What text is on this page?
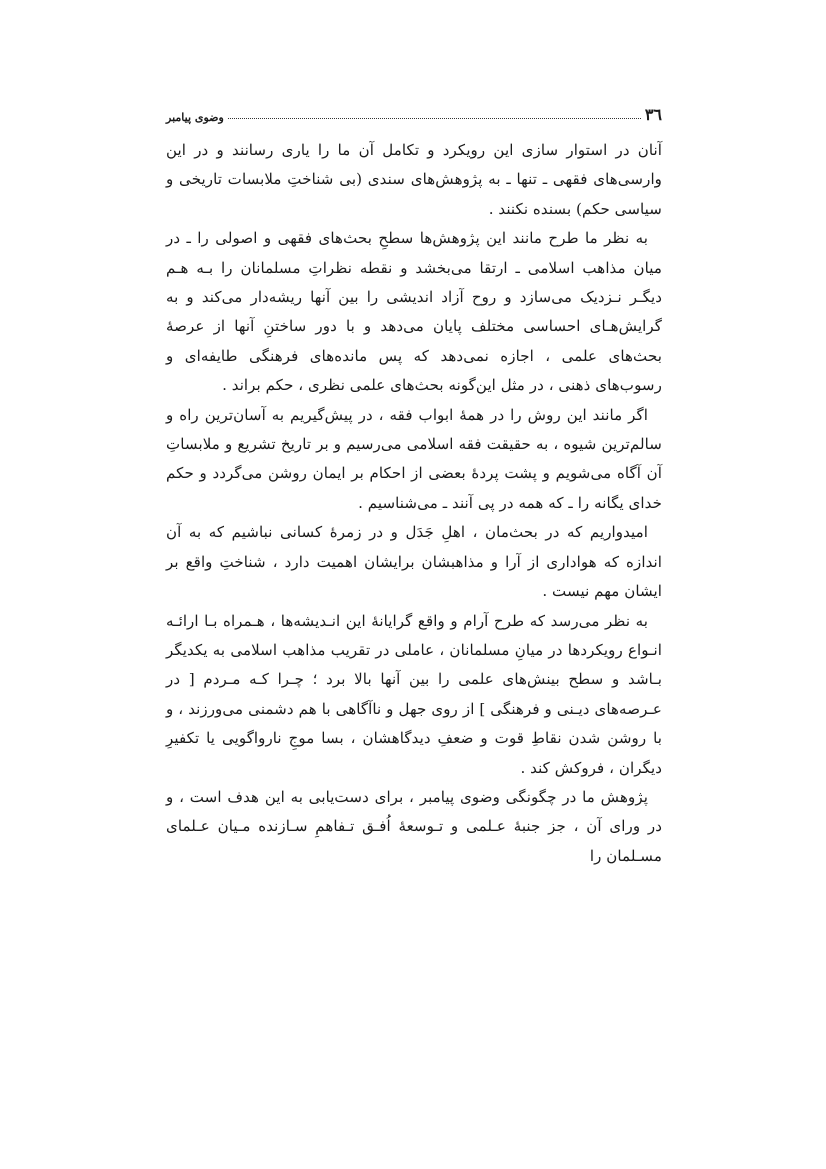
٣٦
وضوی پیامبر

آنان در استوار سازی این رویکرد و تکامل آن ما را یاری رسانند و در این وارسی‌های فقهی ـ تنها ـ به پژوهش‌های سندی (بی شناختِ ملابسات تاریخی و سیاسی حکم) بسنده نکنند .

به نظر ما طرح مانند این پژوهش‌ها سطحِ بحث‌های فقهی و اصولی را ـ در میان مذاهب اسلامی ـ ارتقا می‌بخشد و نقطه نظراتِ مسلمانان را بـه هـم دیگـر نـزدیک می‌سازد و روح آزاد اندیشی را بین آنها ریشه‌دار می‌کند و به گرایش‌هـای احساسی مختلف پایان می‌دهد و با دور ساختنِ آنها از عرصهٔ بحث‌های علمی ، اجازه نمی‌دهد که پس مانده‌های فرهنگی طایفه‌ای و رسوب‌های ذهنی ، در مثل این‌گونه بحث‌های علمی نظری ، حکم براند .

اگر مانند این روش را در همهٔ ابواب فقه ، در پیش‌گیریم به آسان‌ترین راه و سالم‌ترین شیوه ، به حقیقت فقه اسلامی می‌رسیم و بر تاریخ تشریع و ملابساتِ آن آگاه می‌شویم و پشت پردهٔ بعضی از احکام بر ایمان روشن می‌گردد و حکم خدای یگانه را ـ که همه در پی آنند ـ می‌شناسیم .

امیدواریم که در بحث‌مان ، اهلِ جَدَل و در زمرهٔ کسانی نباشیم که به آن اندازه که هواداری از آرا و مذاهبشان برایشان اهمیت دارد ، شناختِ واقع بر ایشان مهم نیست .

به نظر می‌رسد که طرح آرام و واقع گرایانهٔ این انـدیشه‌ها ، هـمراه بـا ارائـه انـواع رویکردها در میانِ مسلمانان ، عاملی در تقریب مذاهب اسلامی به یکدیگر بـاشد و سطح بینش‌های علمی را بین آنها بالا برد ؛ چـرا کـه مـردم [ در عـرصه‌های دیـنی و فرهنگی ] از روی جهل و ناآگاهی با هم دشمنی می‌ورزند ، و با روشن شدن نقاطِ قوت و ضعفِ دیدگاهشان ، بسا موجِ نارواگویی یا تکفیرِ دیگران ، فروکش کند .

پژوهش ما در چگونگی وضوی پیامبر ، برای دست‌یابی به این هدف است ، و در ورای آن ، جز جنبهٔ عـلمی و تـوسعهٔ اُفـق تـفاهمِ سـازنده مـیان عـلمای مسـلمان را
